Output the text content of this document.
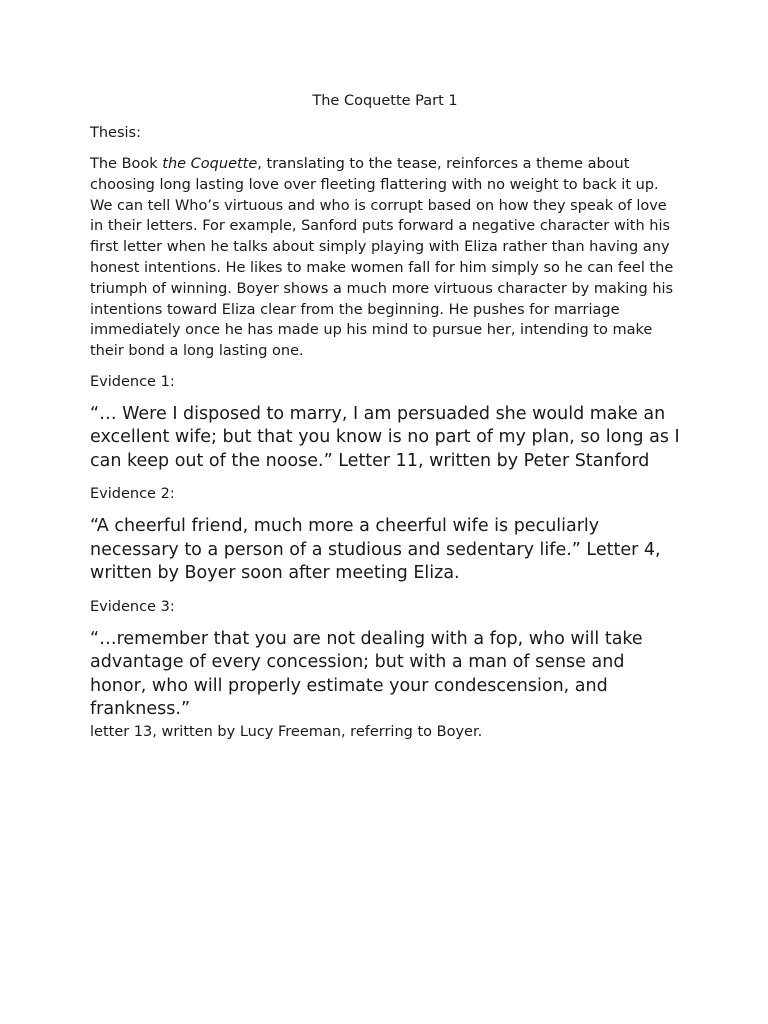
The Coquette Part 1
Thesis:

The Book the Coquette, translating to the tease, reinforces a theme about choosing long lasting love over fleeting flattering with no weight to back it up. We can tell Who’s virtuous and who is corrupt based on how they speak of love in their letters. For example, Sanford puts forward a negative character with his first letter when he talks about simply playing with Eliza rather than having any honest intentions. He likes to make women fall for him simply so he can feel the triumph of winning. Boyer shows a much more virtuous character by making his intentions toward Eliza clear from the beginning. He pushes for marriage immediately once he has made up his mind to pursue her, intending to make their bond a long lasting one.

Evidence 1:

“… Were I disposed to marry, I am persuaded she would make an excellent wife; but that you know is no part of my plan, so long as I can keep out of the noose.” Letter 11, written by Peter Stanford

Evidence 2:

“A cheerful friend, much more a cheerful wife is peculiarly necessary to a person of a studious and sedentary life.” Letter 4, written by Boyer soon after meeting Eliza.

Evidence 3:

“…remember that you are not dealing with a fop, who will take advantage of every concession; but with a man of sense and honor, who will properly estimate your condescension, and frankness.”

letter 13, written by Lucy Freeman, referring to Boyer.
